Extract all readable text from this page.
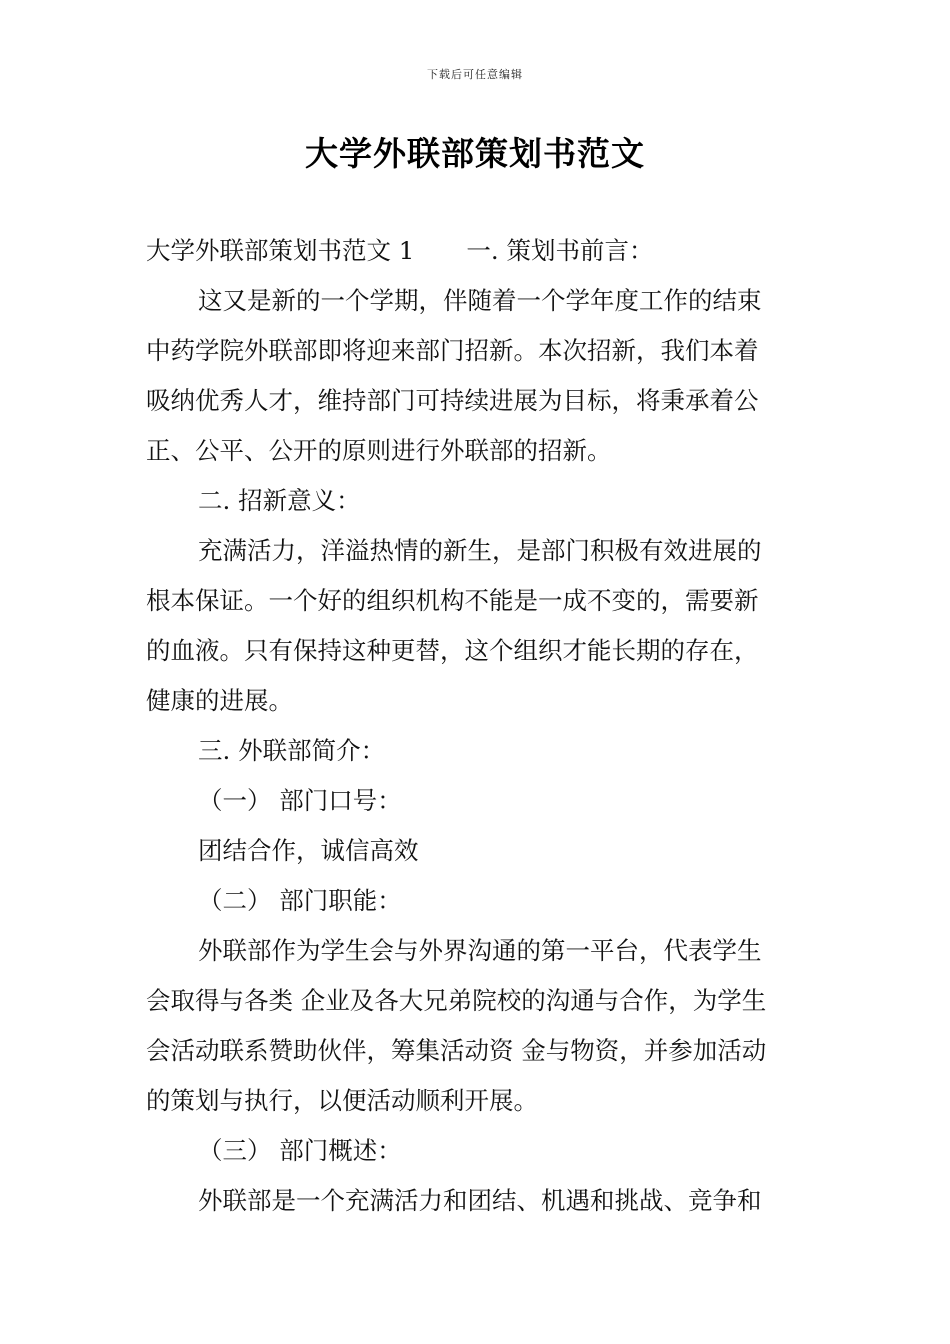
下载后可任意编辑
大学外联部策划书范文

大学外联部策划书范文 1 一. 策划书前言：

这又是新的一个学期，伴随着一个学年度工作的结束

中药学院外联部即将迎来部门招新。本次招新，我们本着

吸纳优秀人才，维持部门可持续进展为目标，将秉承着公

正、公平、公开的原则进行外联部的招新。

二. 招新意义：

充满活力，洋溢热情的新生，是部门积极有效进展的

根本保证。一个好的组织机构不能是一成不变的，需要新

的血液。只有保持这种更替，这个组织才能长期的存在，

健康的进展。

三. 外联部简介：

（一） 部门口号：

团结合作，诚信高效

（二） 部门职能：

外联部作为学生会与外界沟通的第一平台，代表学生

会取得与各类 企业及各大兄弟院校的沟通与合作，为学生

会活动联系赞助伙伴，筹集活动资 金与物资，并参加活动

的策划与执行，以便活动顺利开展。

（三） 部门概述：

外联部是一个充满活力和团结、机遇和挑战、竞争和
